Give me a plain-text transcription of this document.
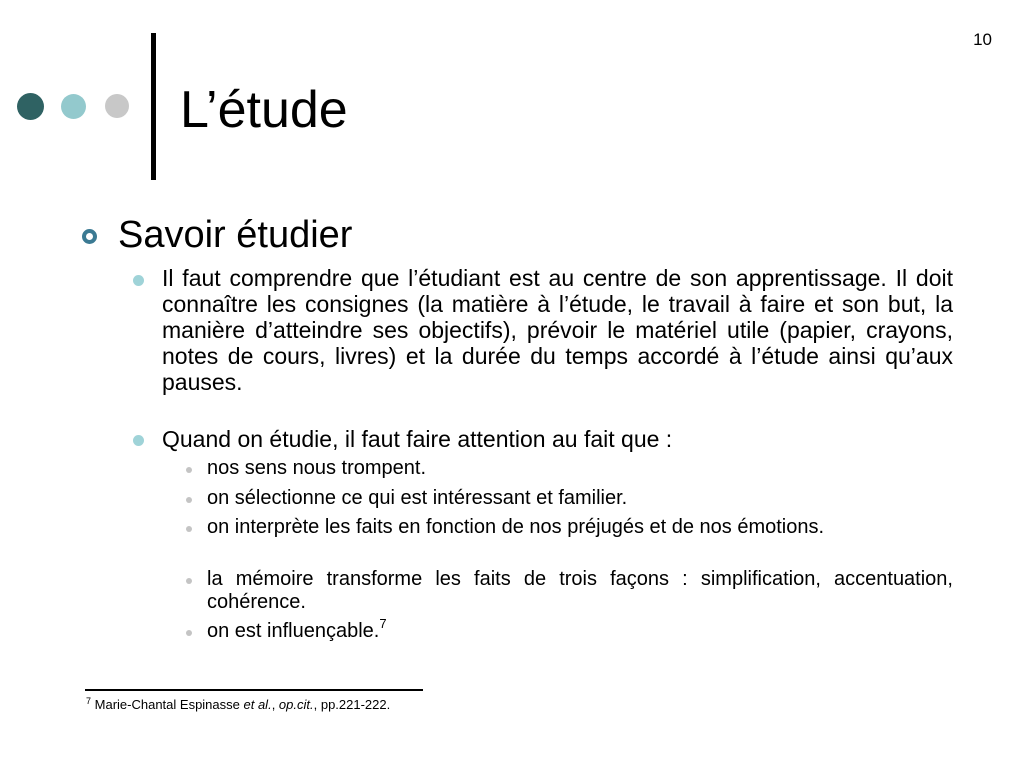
10
L’étude
Savoir étudier
Il faut comprendre que l’étudiant est au centre de son apprentissage. Il doit connaître les consignes (la matière à l’étude, le travail à faire et son but, la manière d’atteindre ses objectifs), prévoir le matériel utile (papier, crayons, notes de cours, livres) et la durée du temps accordé à l’étude ainsi qu’aux pauses.
Quand on étudie, il faut faire attention au fait que :
nos sens nous trompent.
on sélectionne ce qui est intéressant et familier.
on interprète les faits en fonction de nos préjugés et de nos émotions.
la mémoire transforme les faits de trois façons : simplification, accentuation, cohérence.
on est influençable.$^7$
$^7$ Marie-Chantal Espinasse et al., op.cit., pp.221-222.
